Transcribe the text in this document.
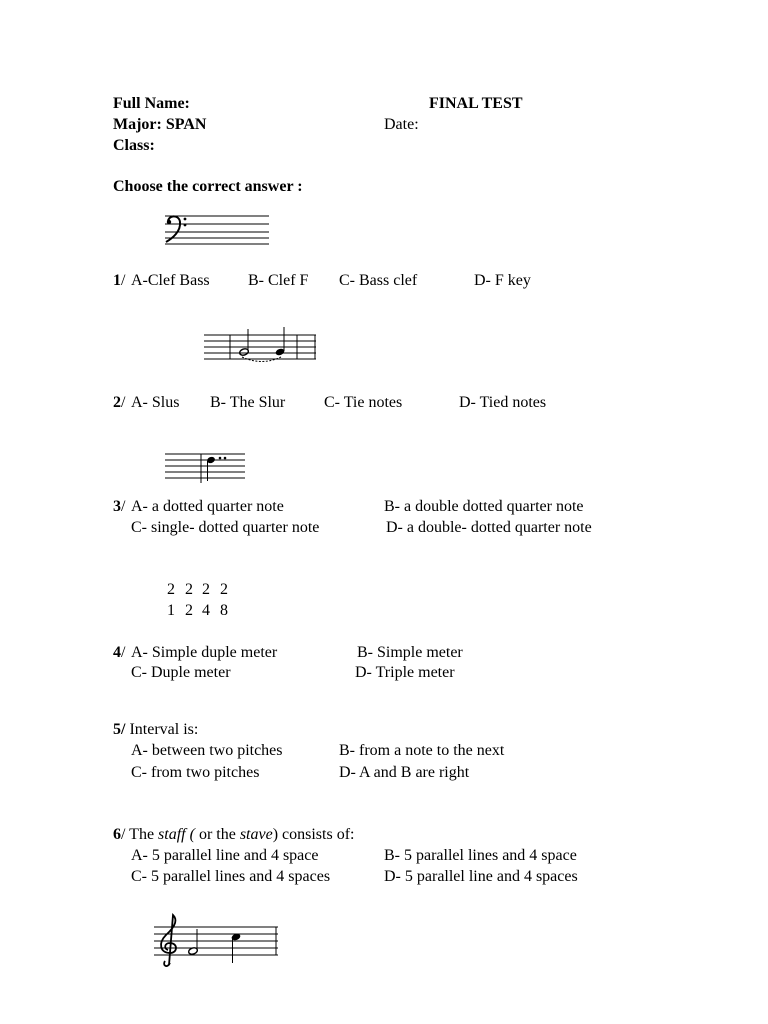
Full Name:	FINAL TEST
Major: SPAN	Date:
Class:
Choose the correct answer :
1/ A-Clef Bass B- Clef F C- Bass clef	D- F key
2/ A- Slus B- The Slur C- Tie notes	D- Tied notes
3/ A- a dotted quarter note	B- a double dotted quarter note
C- single- dotted quarter note	D- a double- dotted quarter note
2 2 2 2
1 2 4 8
4/ A- Simple duple meter	B- Simple meter
C- Duple meter	D- Triple meter
5/ Interval is:
A- between two pitches	B- from a note to the next
C- from two pitches	D- A and B are right
6/ The staff ( or the stave) consists of:
A- 5 parallel line and 4 space	B- 5 parallel lines and 4 space
C- 5 parallel lines and 4 spaces	D- 5 parallel line and 4 spaces
